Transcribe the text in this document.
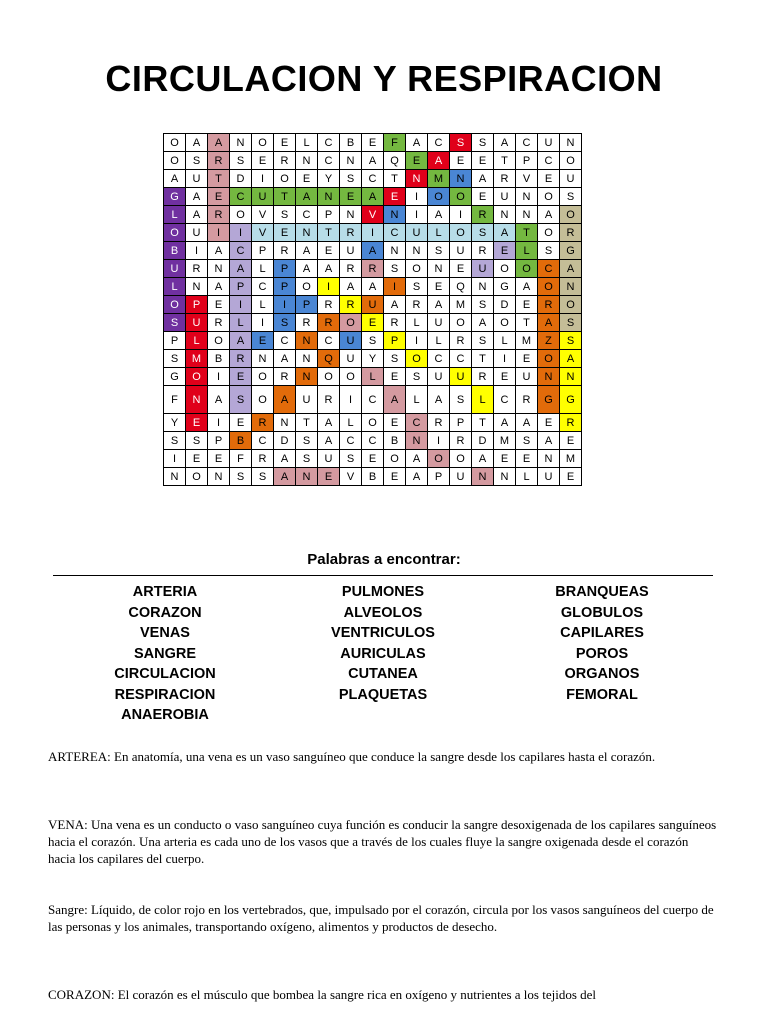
CIRCULACION Y RESPIRACION
O	A	A	N	O	E	L	C	B	E	F	A	C	S	S	A	C	U	N
O	S	R	S	E	R	N	C	N	A	Q	E	A	E	E	T	P	C	O
A	U	T	D	I	O	E	Y	S	C	T	N	M	N	A	R	V	E	U
G	A	E	C	U	T	A	N	E	A	E	I	O	O	E	U	N	O	S
L	A	R	O	V	S	C	P	N	V	N	I	A	I	R	N	N	A	O
O	U	I	I	V	E	N	T	R	I	C	U	L	O	S	A	T	O	R
B	I	A	C	P	R	A	E	U	A	N	N	S	U	R	E	L	S	G
U	R	N	A	L	P	A	A	R	R	S	O	N	E	U	O	O	C	A
L	N	A	P	C	P	O	I	A	A	I	S	E	Q	N	G	A	O	N
O	P	E	I	L	I	P	R	R	U	A	R	A	M	S	D	E	R	O
S	U	R	L	I	S	R	R	O	E	R	L	U	O	A	O	T	A	S
P	L	O	A	E	C	N	C	U	S	P	I	L	R	S	L	M	Z	S
S	M	B	R	N	A	N	Q	U	Y	S	O	C	C	T	I	E	O	A
G	O	I	E	O	R	N	O	O	L	E	S	U	U	R	E	U	N	N
F	N	A	S	O	A	U	R	I	C	A	L	A	S	L	C	R	G	G
Y	E	I	E	R	N	T	A	L	O	E	C	R	P	T	A	A	E	R
S	S	P	B	C	D	S	A	C	C	B	N	I	R	D	M	S	A	E
I	E	E	F	R	A	S	U	S	E	O	A	O	O	A	E	E	N	M
N	O	N	S	S	A	N	E	V	B	E	A	P	U	N	N	L	U	E
Palabras a encontrar:
ARTERIA
CORAZON
VENAS
SANGRE
CIRCULACION
RESPIRACION
ANAEROBIA
PULMONES
ALVEOLOS
VENTRICULOS
AURICULAS
CUTANEA
PLAQUETAS
BRANQUEAS
GLOBULOS
CAPILARES
POROS
ORGANOS
FEMORAL
ARTEREA: En anatomía, una vena es un vaso sanguíneo que conduce la sangre desde los capilares hasta el corazón.
VENA: Una vena es un conducto o vaso sanguíneo cuya función es conducir la sangre desoxigenada de los capilares sanguíneos hacia el corazón. Una arteria es cada uno de los vasos que a través de los cuales fluye la sangre oxigenada desde el corazón hacia los capilares del cuerpo.
Sangre: Líquido, de color rojo en los vertebrados, que, impulsado por el corazón, circula por los vasos sanguíneos del cuerpo de las personas y los animales, transportando oxígeno, alimentos y productos de desecho.
CORAZON: El corazón es el músculo que bombea la sangre rica en oxígeno y nutrientes a los tejidos del
